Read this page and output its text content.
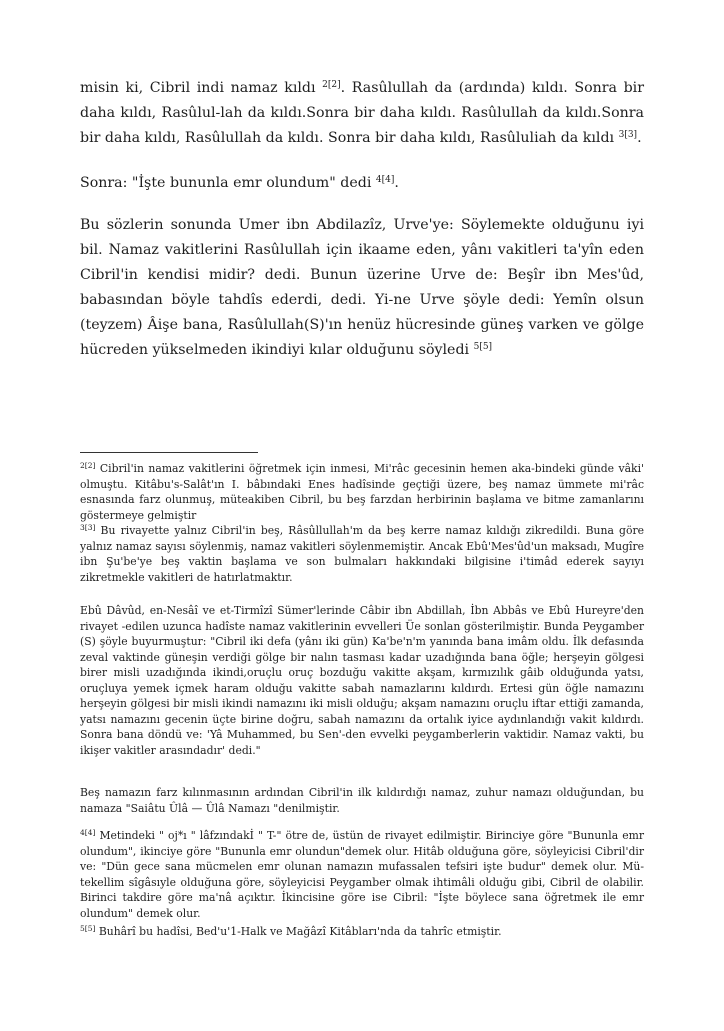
misin ki, Cibril indi namaz kıldı $^{2[2]}$. Rasûlullah da (ardında) kıldı. Sonra bir daha kıldı, Rasûlul-lah da kıldı.Sonra bir daha kıldı. Rasûlullah da kıldı.Sonra bir daha kıldı, Rasûlullah da kıldı. Sonra bir daha kıldı, Rasûluliah da kıldı $^{3[3]}$.

Sonra: "İşte bununla emr olundum" dedi $^{4[4]}$.

Bu sözlerin sonunda Umer ibn Abdilazîz, Urve'ye: Söylemekte olduğunu iyi bil. Namaz vakitlerini Rasûlullah için ikaame eden, yânı vakitleri ta'yîn eden Cibril'in kendisi midir? dedi. Bunun üzerine Urve de: Beşîr ibn Mes'ûd, babasından böyle tahdîs ederdi, dedi. Yi-ne Urve şöyle dedi: Yemîn olsun (teyzem) Âişe bana, Rasûlullah(S)'ın henüz hücresinde güneş varken ve gölge hücreden yükselmeden ikindiyi kılar olduğunu söyledi $^{5[5]}$

$^{2[2]}$ Cibril'in namaz vakitlerini öğretmek için inmesi, Mi'râc gecesinin hemen aka-bindeki günde vâki' olmuştu. Kitâbu's-Salât'ın I. bâbındaki Enes hadîsinde geçtiği üzere, beş namaz ümmete mi'râc esnasında farz olunmuş, müteakiben Cibril, bu beş farzdan herbirinin başlama ve bitme zamanlarını göstermeye gelmiştir

$^{3[3]}$ Bu rivayette yalnız Cibril'in beş, Râsûllullah'm da beş kerre namaz kıldığı zikredildi. Buna göre yalnız namaz sayısı söylenmiş, namaz vakitleri söylenmemiştir. Ancak Ebû'Mes'ûd'un maksadı, Mugîre ibn Şu'be'ye beş vaktin başlama ve son bulmaları hakkındaki bilgisine i'timâd ederek sayıyı zikretmekle vakitleri de hatırlatmaktır.

Ebû Dâvûd, en-Nesâî ve et-Tirmîzî Sümer'lerinde Câbir ibn Abdillah, İbn Abbâs ve Ebû Hureyre'den rivayet -edilen uzunca hadîste namaz vakitlerinin evvelleri Üe sonlan gösterilmiştir. Bunda Peygamber (S) şöyle buyurmuştur: "Cibril iki defa (yânı iki gün) Ka'be'n'm yanında bana imâm oldu. İlk defasında zeval vaktinde güneşin verdiği gölge bir nalın tasması kadar uzadığında bana öğle; herşeyin gölgesi birer misli uzadığında ikindi,oruçlu oruç bozduğu vakitte akşam, kırmızılık gâib olduğunda yatsı, oruçluya yemek içmek haram olduğu vakitte sabah namazlarını kıldırdı. Ertesi gün öğle namazını herşeyin gölgesi bir misli ikindi namazını iki misli olduğu; akşam namazını oruçlu iftar ettiği zamanda, yatsı namazını gecenin üçte birine doğru, sabah namazını da ortalık iyice aydınlandığı vakit kıldırdı. Sonra bana döndü ve: 'Yâ Muhammed, bu Sen'-den evvelki peygamberlerin vaktidir. Namaz vakti, bu ikişer vakitler arasındadır' dedi."

Beş namazın farz kılınmasının ardından Cibril'in ilk kıldırdığı namaz, zuhur namazı olduğundan, bu namaza "Saiâtu Ûlâ — Ûlâ Namazı "denilmiştir.

$^{4[4]}$ Metindeki " oj*ı " lâfzındakİ " T-" ötre de, üstün de rivayet edilmiştir. Birinciye göre "Bununla emr olundum", ikinciye göre "Bununla emr olundun"demek olur. Hitâb olduğuna göre, söyleyicisi Cibril'dir ve: "Dün gece sana mücmelen emr olunan namazın mufassalen tefsiri işte budur" demek olur. Mü-tekellim sîgâsıyle olduğuna göre, söyleyicisi Peygamber olmak ihtimâli olduğu gibi, Cibril de olabilir. Birinci takdire göre ma'nâ açıktır. İkincisine göre ise Cibril: "İşte böylece sana öğretmek ile emr olundum" demek olur.

$^{5[5]}$ Buhârî bu hadîsi, Bed'u'1-Halk ve Mağâzî Kitâbları'nda da tahrîc etmiştir.
